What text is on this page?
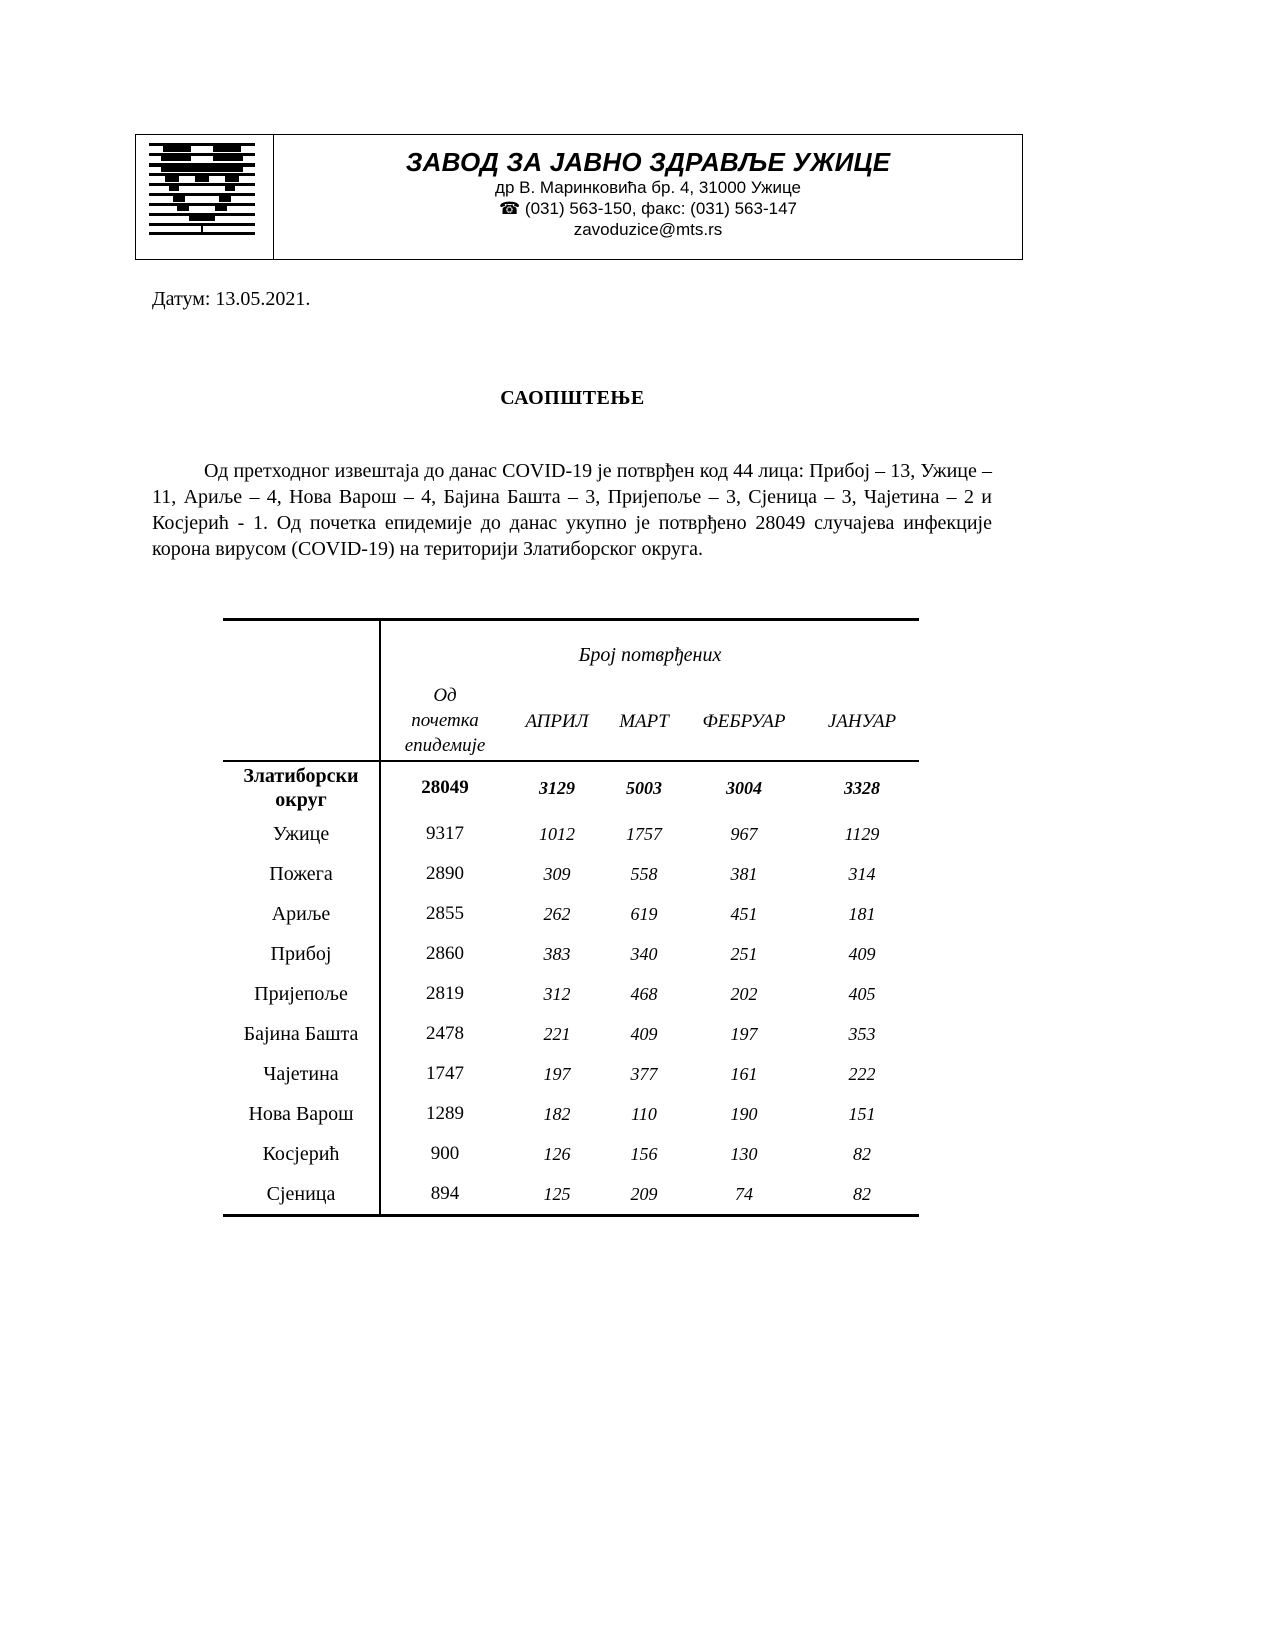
ЗАВОД ЗА ЈАВНО ЗДРАВЉЕ УЖИЦЕ
др В. Маринковића бр. 4, 31000 Ужице
☎ (031) 563-150, факс: (031) 563-147
zavoduzice@mts.rs
Датум: 13.05.2021.
САОПШТЕЊЕ
Од претходног извештаја до данас COVID-19 је потврђен код 44 лица: Прибој – 13, Ужице – 11, Ариље – 4, Нова Варош – 4, Бајина Башта – 3, Пријепоље – 3, Сјеница – 3, Чајетина – 2 и Косјерић - 1. Од почетка епидемије до данас укупно је потврђено 28049 случајева инфекције корона вирусом (COVID-19) на територији Златиборског округа.
	Број потврђених				

	Од
почетка
епидемије	АПРИЛ	МАРТ	ФЕБРУАР	ЈАНУАР

Златиборски
округ	28049	3129	5003	3004	3328
Ужице	9317	1012	1757	967	1129
Пожега	2890	309	558	381	314
Ариље	2855	262	619	451	181
Прибој	2860	383	340	251	409
Пријепоље	2819	312	468	202	405
Бајина Башта	2478	221	409	197	353
Чајетина	1747	197	377	161	222
Нова Варош	1289	182	110	190	151
Косјерић	900	126	156	130	82
Сјеница	894	125	209	74	82
